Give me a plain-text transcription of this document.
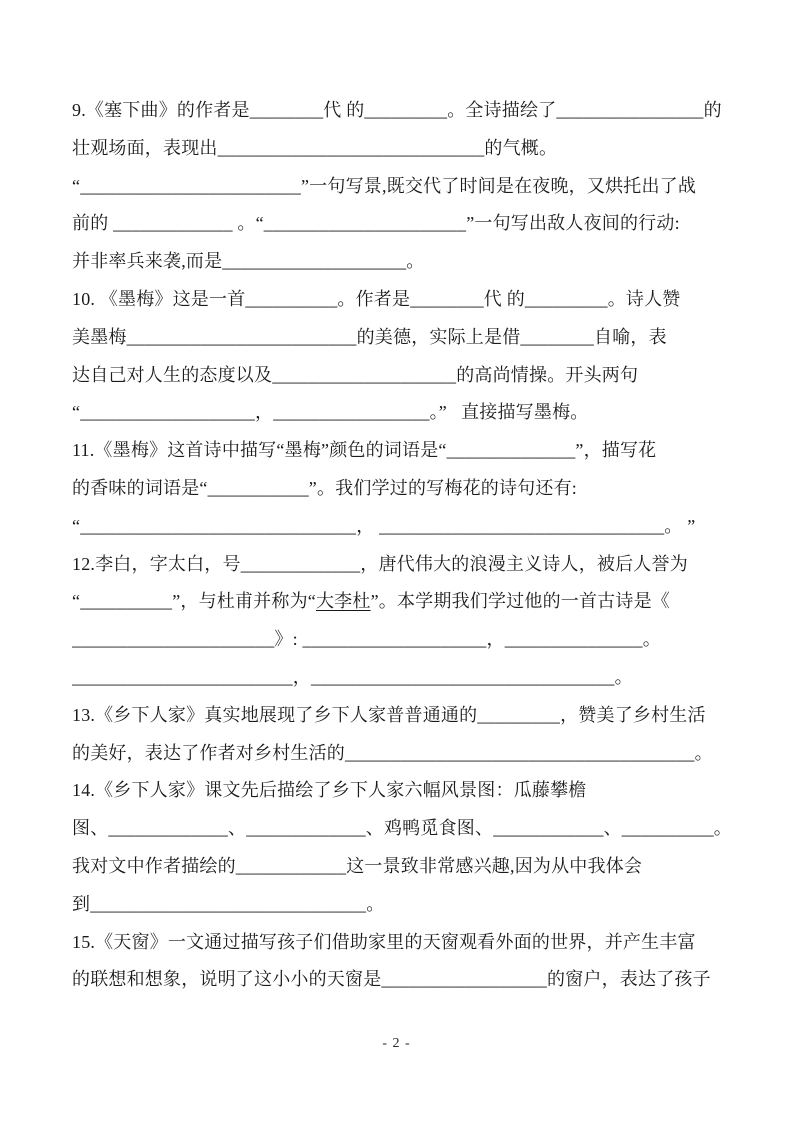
9.《塞下曲》的作者是________代 的_________。全诗描绘了________________的
壮观场面，表现出_____________________________的气概。
“________________________”一句写景,既交代了时间是在夜晚，又烘托出了战
前的 _____________ 。“______________________”一句写出敌人夜间的行动:
并非率兵来袭,而是____________________。
10. 《墨梅》这是一首__________。作者是________代 的_________。诗人赞
美墨梅_________________________的美德，实际上是借________自喻，表
达自己对人生的态度以及____________________的高尚情操。开头两句
“___________________，_________________。”   直接描写墨梅。
11.《墨梅》这首诗中描写“墨梅”颜色的词语是“______________”，描写花
的香味的词语是“___________”。我们学过的写梅花的诗句还有:
“______________________________， _______________________________。 ”
12.李白，字太白，号_____________，唐代伟大的浪漫主义诗人，被后人誉为
“__________”，与杜甫并称为“大李杜”。本学期我们学过他的一首古诗是《
______________________》: ____________________，_______________。
________________________，_________________________________。
13.《乡下人家》真实地展现了乡下人家普普通通的_________，赞美了乡村生活
的美好，表达了作者对乡村生活的______________________________________。
14.《乡下人家》课文先后描绘了乡下人家六幅风景图：瓜藤攀檐
图、_____________、_____________、鸡鸭觅食图、____________、__________。
我对文中作者描绘的____________这一景致非常感兴趣,因为从中我体会
到______________________________。
15.《天窗》一文通过描写孩子们借助家里的天窗观看外面的世界，并产生丰富
的联想和想象，说明了这小小的天窗是__________________的窗户，表达了孩子
- 2 -
